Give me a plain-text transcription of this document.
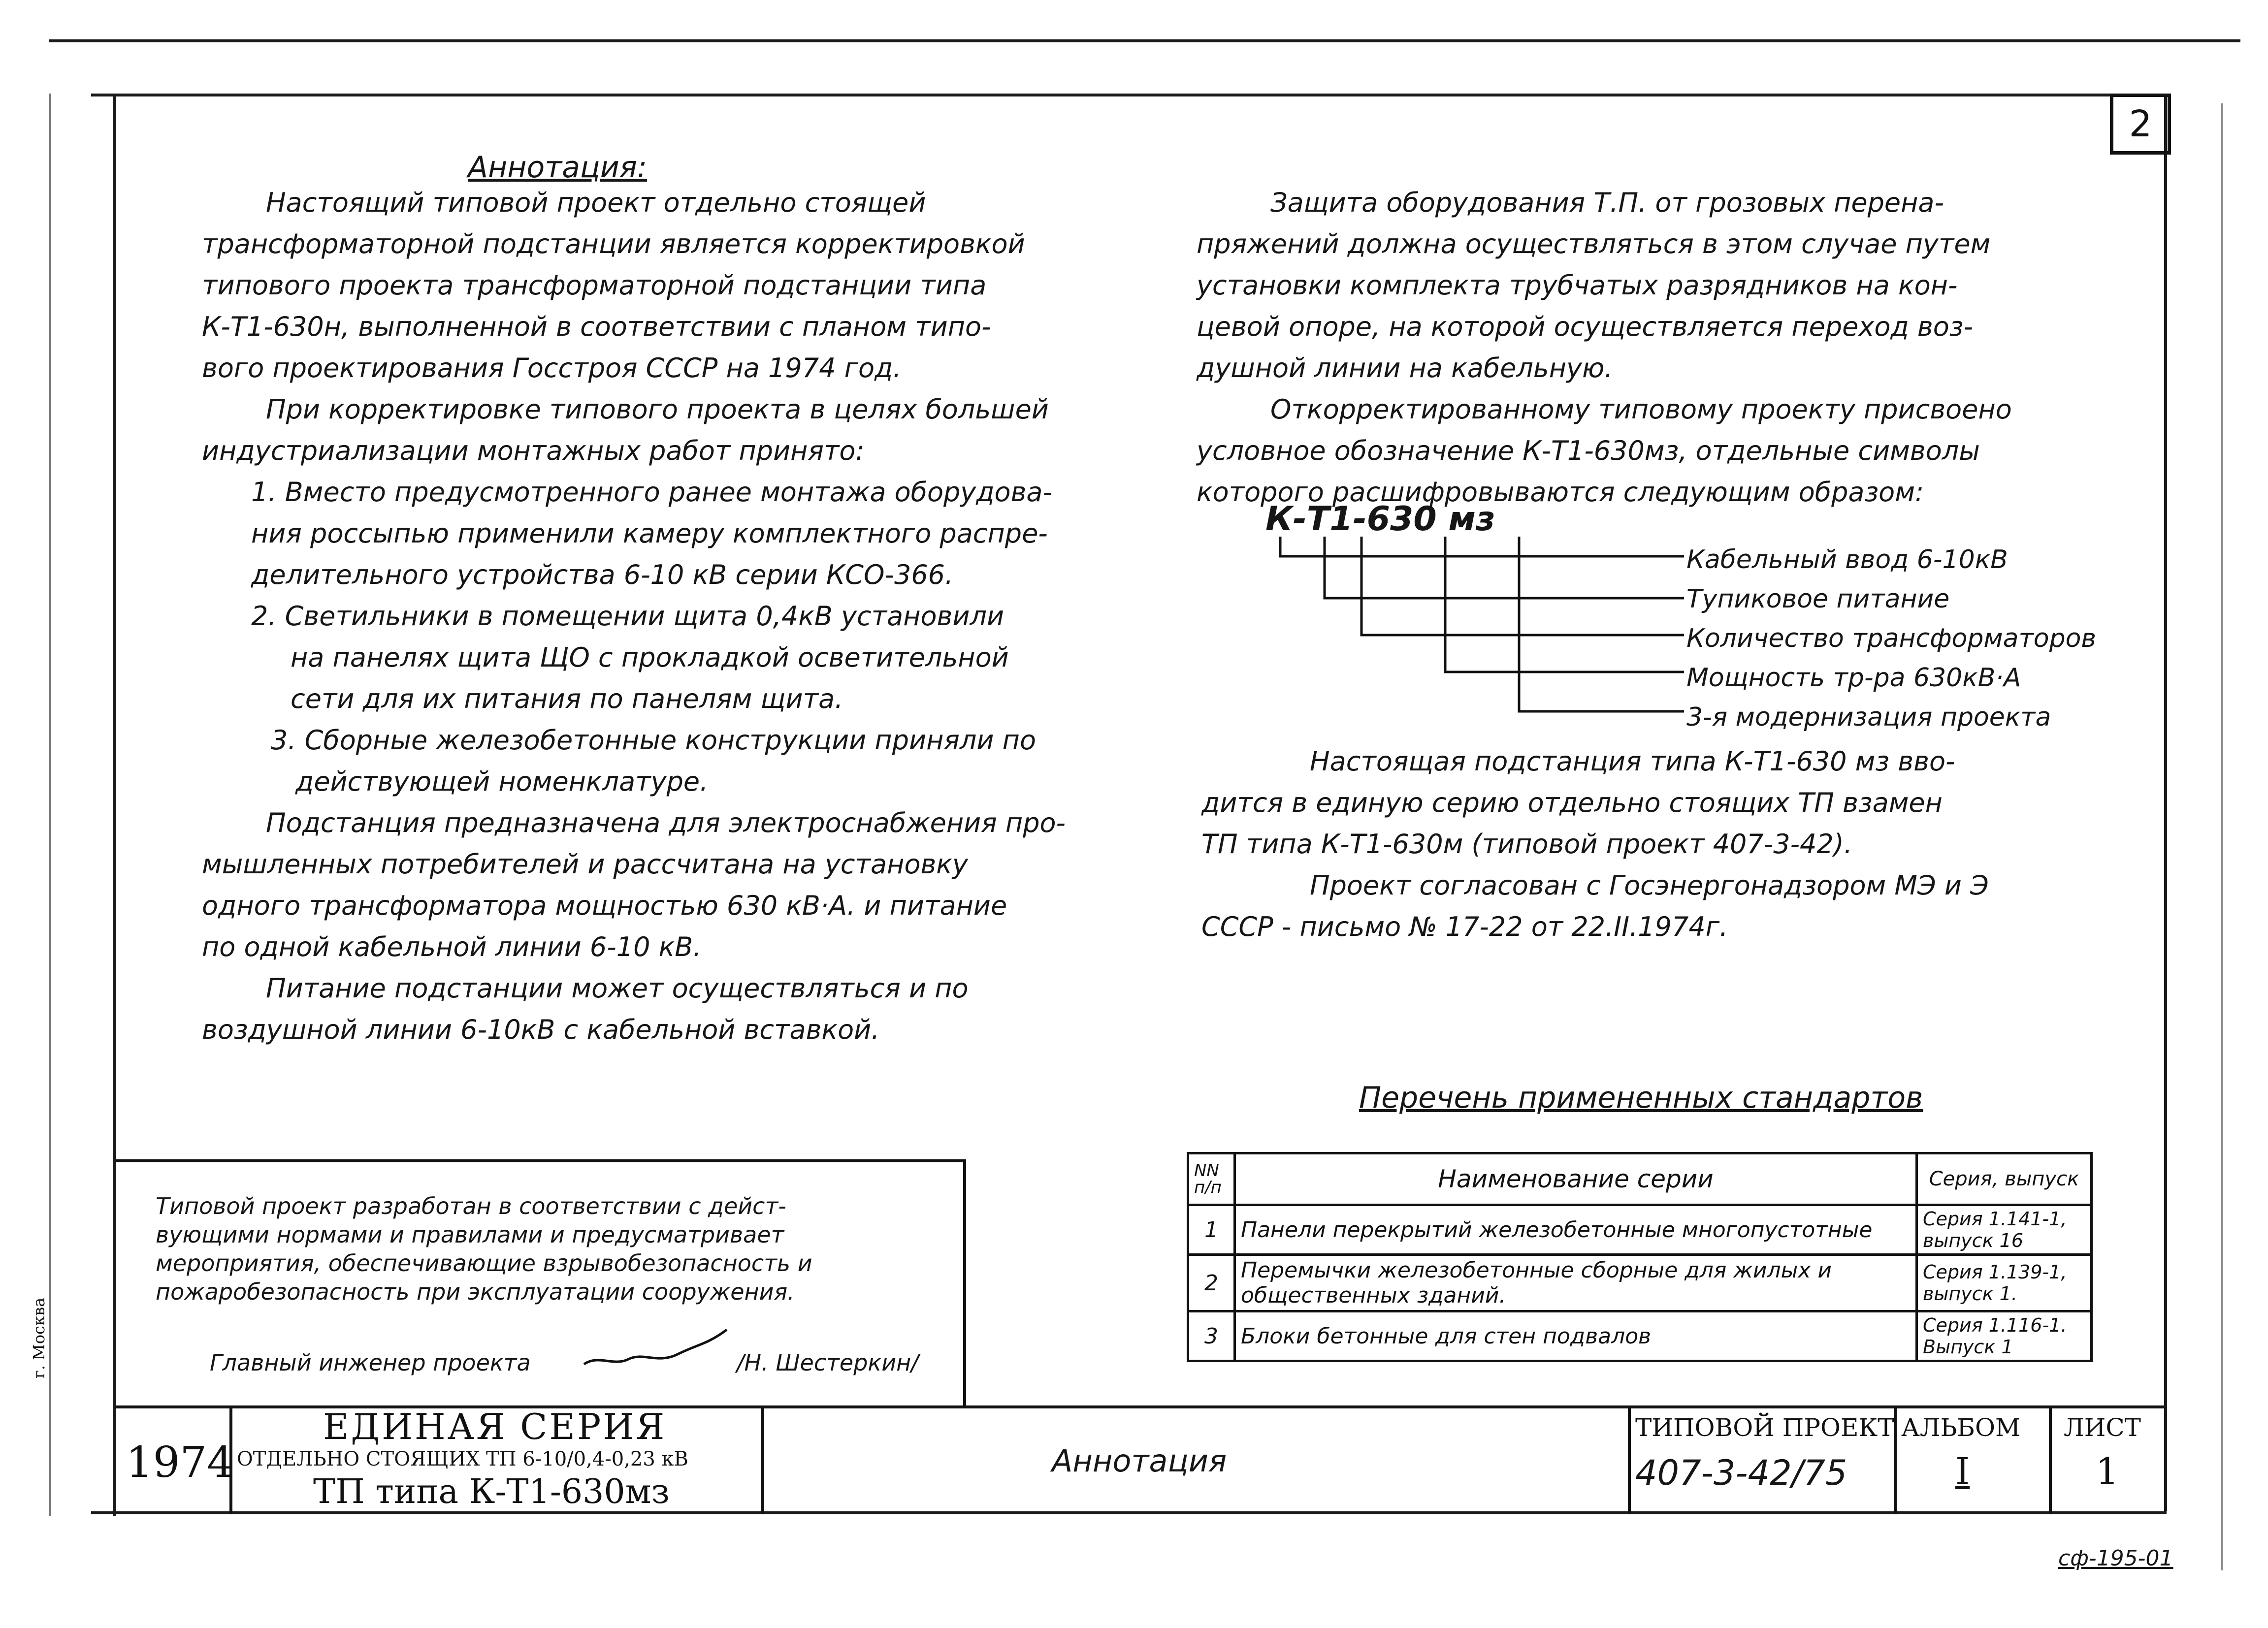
2
Аннотация:
Настоящий типовой проект отдельно стоящей
трансформаторной подстанции является корректировкой
типового проекта трансформаторной подстанции типа
К-Т1-630н, выполненной в соответствии с планом типо-
вого проектирования Госстроя СССР на 1974 год.
При корректировке типового проекта в целях большей
индустриализации монтажных работ принято:
1. Вместо предусмотренного ранее монтажа оборудова-
ния россыпью применили камеру комплектного распре-
делительного устройства 6-10 кВ серии КСО-366.
2. Светильники в помещении щита 0,4кВ установили
на панелях щита ЩО с прокладкой осветительной
сети для их питания по панелям щита.
3. Сборные железобетонные конструкции приняли по
действующей номенклатуре.
Подстанция предназначена для электроснабжения про-
мышленных потребителей и рассчитана на установку
одного трансформатора мощностью 630 кВ·А. и питание
по одной кабельной линии 6-10 кВ.
Питание подстанции может осуществляться и по
воздушной линии 6-10кВ с кабельной вставкой.
Защита оборудования Т.П. от грозовых перена-
пряжений должна осуществляться в этом случае путем
установки комплекта трубчатых разрядников на кон-
цевой опоре, на которой осуществляется переход воз-
душной линии на кабельную.
Откорректированному типовому проекту присвоено
условное обозначение К-Т1-630мз, отдельные символы
которого расшифровываются следующим образом:
К-Т1-630 мз
Кабельный ввод 6-10кВ
Тупиковое питание
Количество трансформаторов
Мощность тр-ра 630кВ·А
3-я модернизация проекта
Настоящая подстанция типа К-Т1-630 мз вво-
дится в единую серию отдельно стоящих ТП взамен
ТП типа К-Т1-630м (типовой проект 407-3-42).
Проект согласован с Госэнергонадзором МЭ и Э
СССР - письмо № 17-22 от 22.II.1974г.
Перечень примененных стандартов
NN п/п	Наименование серии	Серия, выпуск
1	Панели перекрытий железобетонные многопустотные	Серия 1.141-1, выпуск 16
2	Перемычки железобетонные сборные для жилых и общественных зданий.	Серия 1.139-1, выпуск 1.
3	Блоки бетонные для стен подвалов	Серия 1.116-1. Выпуск 1
Типовой проект разработан в соответствии с дейст-
вующими нормами и правилами и предусматривает
мероприятия, обеспечивающие взрывобезопасность и
пожаробезопасность при эксплуатации сооружения.
Главный инженер проекта	/Н. Шестеркин/
г. Москва
1974
ЕДИНАЯ СЕРИЯ
ОТДЕЛЬНО СТОЯЩИХ ТП 6-10/0,4-0,23 кВ
ТП типа К-Т1-630мз
Аннотация
ТИПОВОЙ ПРОЕКТ
407-3-42/75
АЛЬБОМ
I
ЛИСТ
1
сф-195-01
